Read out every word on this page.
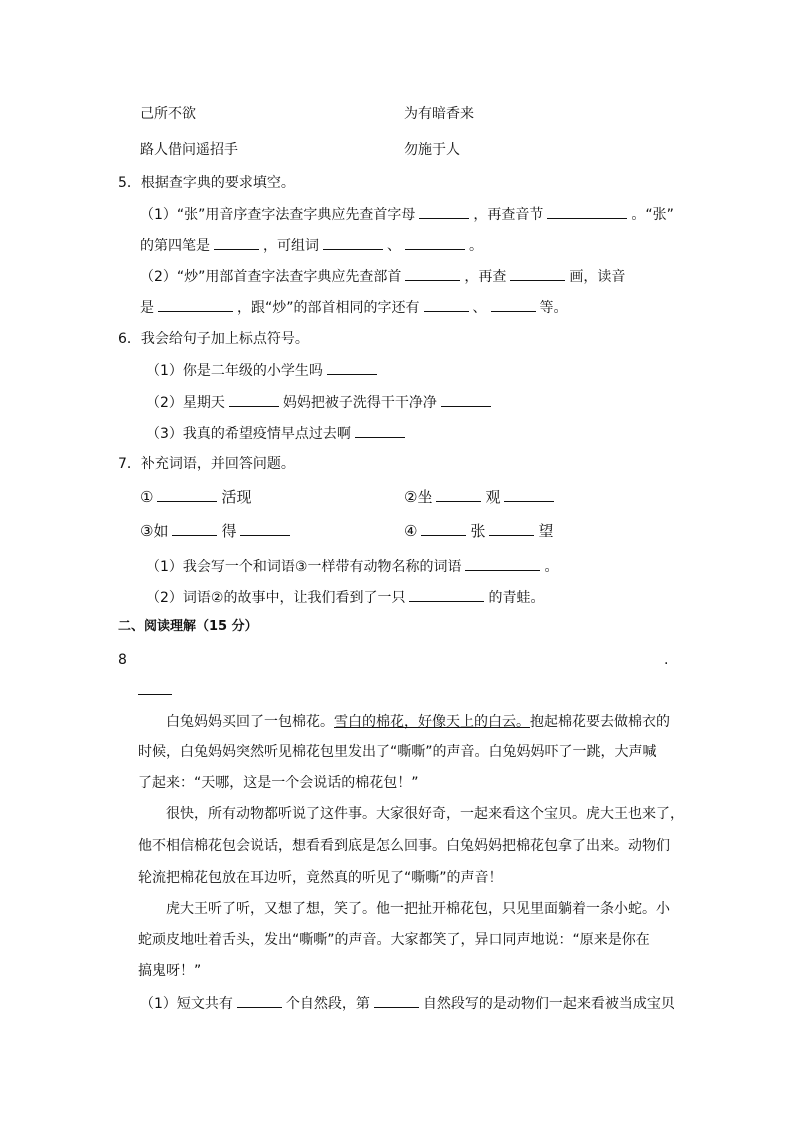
己所不欲	为有暗香来
路人借问遥招手	勿施于人
5．根据查字典的要求填空。
（1）“张”用音序查字法查字典应先查首字母	，再查音节	。“张”
的第四笔是	，可组词	、	。
（2）“炒”用部首查字法查字典应先查部首	，再查	画，读音
是	，跟“炒”的部首相同的字还有	、	等。
6．我会给句子加上标点符号。
（1）你是二年级的小学生吗
（2）星期天	妈妈把被子洗得干干净净
（3）我真的希望疫情早点过去啊
7．补充词语，并回答问题。
①	活现	②坐	观
③如	得	④	张	望
（1）我会写一个和词语③一样带有动物名称的词语	。
（2）词语②的故事中，让我们看到了一只	的青蛙。
二、阅读理解（15 分）
8	.
白兔妈妈买回了一包棉花。雪白的棉花，好像天上的白云。抱起棉花要去做棉衣的
时候，白兔妈妈突然听见棉花包里发出了“嘶嘶”的声音。白兔妈妈吓了一跳，大声喊
了起来：“天哪，这是一个会说话的棉花包！”
很快，所有动物都听说了这件事。大家很好奇，一起来看这个宝贝。虎大王也来了，
他不相信棉花包会说话，想看看到底是怎么回事。白兔妈妈把棉花包拿了出来。动物们
轮流把棉花包放在耳边听，竟然真的听见了“嘶嘶”的声音！
虎大王听了听，又想了想，笑了。他一把扯开棉花包，只见里面躺着一条小蛇。小
蛇顽皮地吐着舌头，发出“嘶嘶”的声音。大家都笑了，异口同声地说：“原来是你在
搞鬼呀！”
（1）短文共有	个自然段，第	自然段写的是动物们一起来看被当成宝贝
